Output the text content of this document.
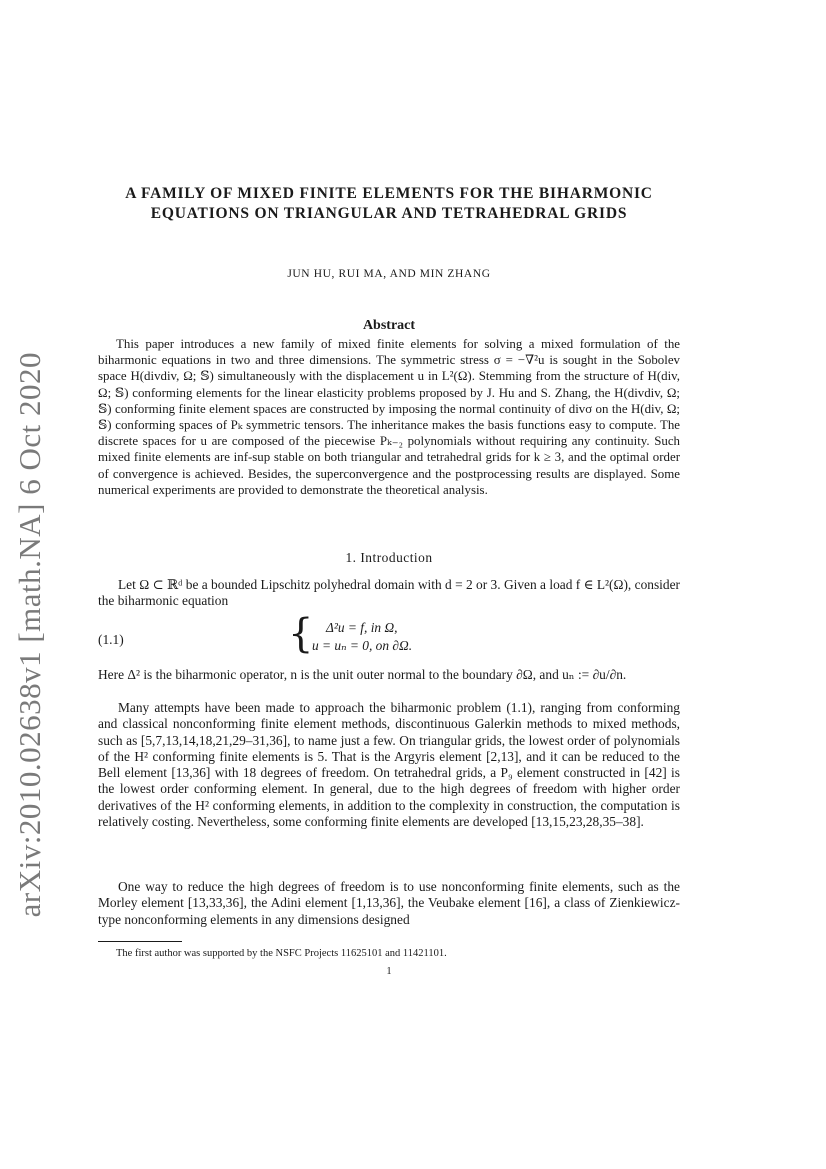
arXiv:2010.02638v1 [math.NA] 6 Oct 2020
A FAMILY OF MIXED FINITE ELEMENTS FOR THE BIHARMONIC EQUATIONS ON TRIANGULAR AND TETRAHEDRAL GRIDS
JUN HU, RUI MA, AND MIN ZHANG
Abstract
This paper introduces a new family of mixed finite elements for solving a mixed formulation of the biharmonic equations in two and three dimensions. The symmetric stress σ = −∇²u is sought in the Sobolev space H(divdiv, Ω; 𝕊) simultaneously with the displacement u in L²(Ω). Stemming from the structure of H(div, Ω; 𝕊) conforming elements for the linear elasticity problems proposed by J. Hu and S. Zhang, the H(divdiv, Ω; 𝕊) conforming finite element spaces are constructed by imposing the normal continuity of divσ on the H(div, Ω; 𝕊) conforming spaces of Pₖ symmetric tensors. The inheritance makes the basis functions easy to compute. The discrete spaces for u are composed of the piecewise Pₖ₋₂ polynomials without requiring any continuity. Such mixed finite elements are inf-sup stable on both triangular and tetrahedral grids for k ≥ 3, and the optimal order of convergence is achieved. Besides, the superconvergence and the postprocessing results are displayed. Some numerical experiments are provided to demonstrate the theoretical analysis.
1. Introduction
Let Ω ⊂ ℝᵈ be a bounded Lipschitz polyhedral domain with d = 2 or 3. Given a load f ∈ L²(Ω), consider the biharmonic equation
(1.1)	{ Δ²u = f, in Ω,
u = uₙ = 0, on ∂Ω.
Here Δ² is the biharmonic operator, n is the unit outer normal to the boundary ∂Ω, and uₙ := ∂u/∂n.
Many attempts have been made to approach the biharmonic problem (1.1), ranging from conforming and classical nonconforming finite element methods, discontinuous Galerkin methods to mixed methods, such as [5,7,13,14,18,21,29–31,36], to name just a few. On triangular grids, the lowest order of polynomials of the H² conforming finite elements is 5. That is the Argyris element [2,13], and it can be reduced to the Bell element [13,36] with 18 degrees of freedom. On tetrahedral grids, a P₉ element constructed in [42] is the lowest order conforming element. In general, due to the high degrees of freedom with higher order derivatives of the H² conforming elements, in addition to the complexity in construction, the computation is relatively costing. Nevertheless, some conforming finite elements are developed [13,15,23,28,35–38].
One way to reduce the high degrees of freedom is to use nonconforming finite elements, such as the Morley element [13,33,36], the Adini element [1,13,36], the Veubake element [16], a class of Zienkiewicz-type nonconforming elements in any dimensions designed
The first author was supported by the NSFC Projects 11625101 and 11421101.
1
